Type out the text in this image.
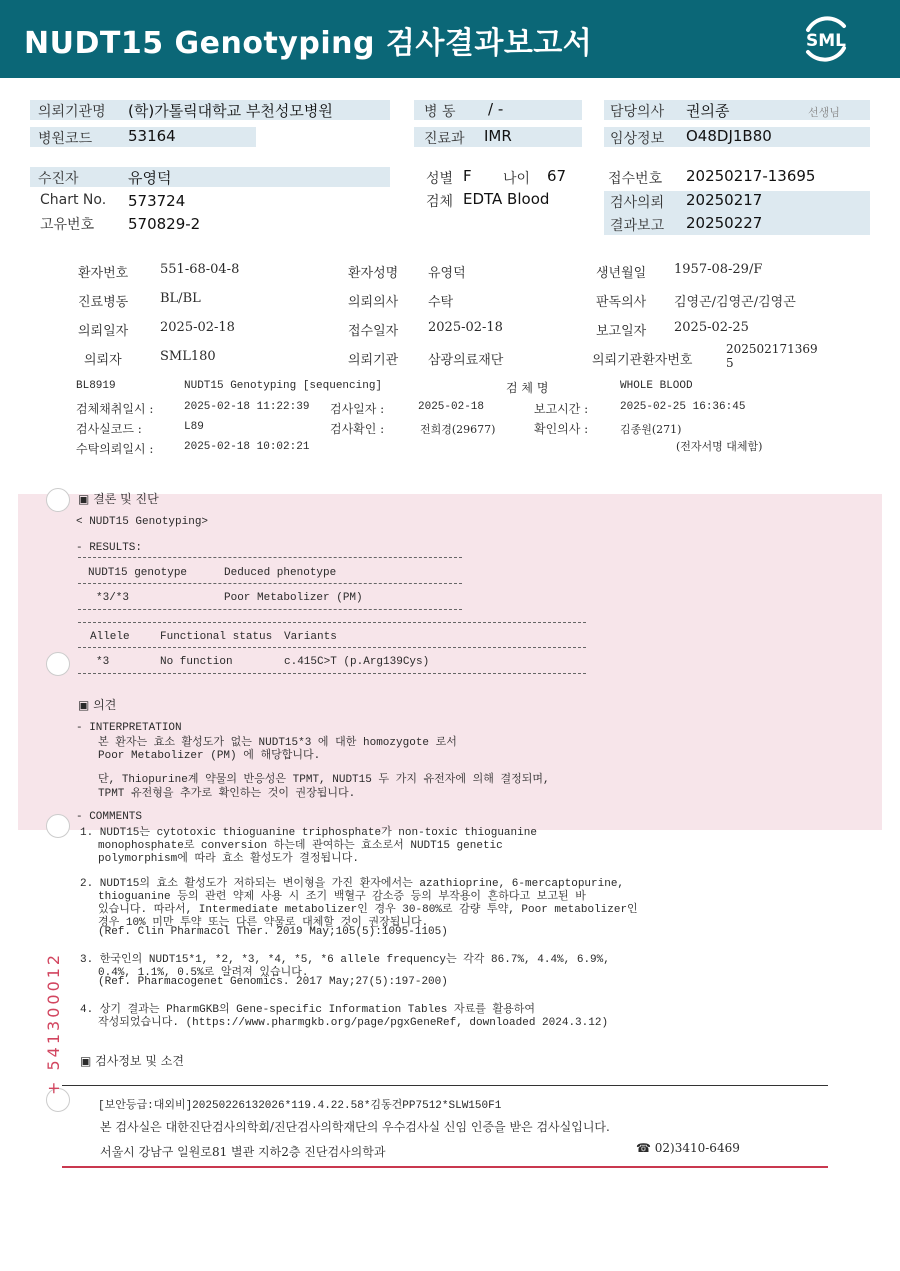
NUDT15 Genotyping 검사결과보고서	SML
의뢰기관명 (학)가톨릭대학교 부천성모병원
병원코드 53164
병 동 / -
진료과 IMR
담당의사 권의종	선생님
임상정보 O48DJ1B80
수진자	유영덕
Chart No. 573724
고유번호 570829-2
성별 F 나이 67
검체 EDTA Blood
접수번호 20250217-13695
검사의뢰 20250217
결과보고 20250227
환자번호 551-68-04-8	환자성명 유영덕	생년월일 1957-08-29/F
진료병동 BL/BL	의뢰의사 수탁	판독의사 김영곤/김영곤/김영곤
의뢰일자 2025-02-18	접수일자 2025-02-18	보고일자 2025-02-25
의뢰자	SML180	의뢰기관 삼광의료재단	의뢰기관환자번호
202502171369
5
BL8919	NUDT15 Genotyping [sequencing]	검 체 명	WHOLE BLOOD
검체채취일시 :	2025-02-18 11:22:39 검사일자 :	2025-02-18	보고시간 :	2025-02-25 16:36:45
검사실코드 :	L89	검사확인 :	전희경(29677)	확인의사 :	김종원(271)
수탁의뢰일시 :	2025-02-18 10:02:21	(전자서명 대체함)
▣ 결론 및 진단
< NUDT15 Genotyping>
- RESULTS:
NUDT15 genotype	Deduced phenotype
*3/*3	Poor Metabolizer (PM)
Allele	Functional status Variants
*3	No function	c.415C>T (p.Arg139Cys)
▣ 의견
- INTERPRETATION
본 환자는 효소 활성도가 없는 NUDT15*3 에 대한 homozygote 로서
Poor Metabolizer (PM) 에 해당합니다.
단, Thiopurine계 약물의 반응성은 TPMT, NUDT15 두 가지 유전자에 의해 결정되며,
TPMT 유전형을 추가로 확인하는 것이 권장됩니다.
- COMMENTS
1. NUDT15는 cytotoxic thioguanine triphosphate가 non-toxic thioguanine
monophosphate로 conversion 하는데 관여하는 효소로서 NUDT15 genetic
polymorphism에 따라 효소 활성도가 결정됩니다.
2. NUDT15의 효소 활성도가 저하되는 변이형을 가진 환자에서는 azathioprine, 6-mercaptopurine,
thioguanine 등의 관련 약제 사용 시 조기 백혈구 감소증 등의 부작용이 흔하다고 보고된 바
있습니다. 따라서, Intermediate metabolizer인 경우 30-80%로 감량 투약, Poor metabolizer인
경우 10% 미만 투약 또는 다른 약물로 대체할 것이 권장됩니다.
(Ref. Clin Pharmacol Ther. 2019 May;105(5):1095-1105)
3. 한국인의 NUDT15*1, *2, *3, *4, *5, *6 allele frequency는 각각 86.7%, 4.4%, 6.9%,
0.4%, 1.1%, 0.5%로 알려져 있습니다.
(Ref. Pharmacogenet Genomics. 2017 May;27(5):197-200)
4. 상기 결과는 PharmGKB의 Gene-specific Information Tables 자료를 활용하여
작성되었습니다. (https://www.pharmgkb.org/page/pgxGeneRef, downloaded 2024.3.12)
▣ 검사정보 및 소견
[보안등급:대외비]20250226132026*119.4.22.58*김동건PP7512*SLW150F1
본 검사실은 대한진단검사의학회/진단검사의학재단의 우수검사실 신임 인증을 받은 검사실입니다.
서울시 강남구 일원로81 별관 지하2층 진단검사의학과	☎ 02)3410-6469
+ 541300012
